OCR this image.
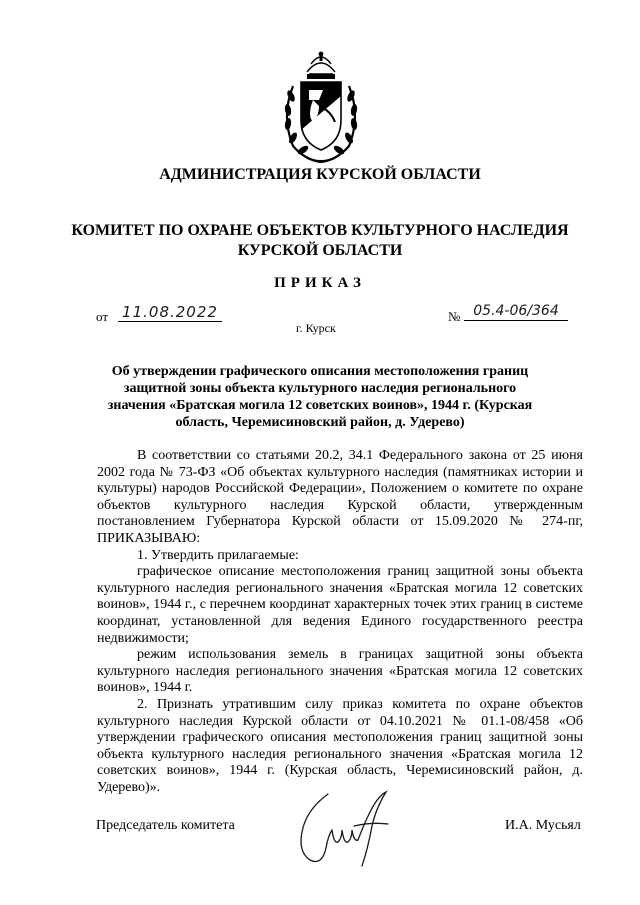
АДМИНИСТРАЦИЯ КУРСКОЙ ОБЛАСТИ
КОМИТЕТ ПО ОХРАНЕ ОБЪЕКТОВ КУЛЬТУРНОГО НАСЛЕДИЯ
КУРСКОЙ ОБЛАСТИ
ПРИКАЗ
от 11.08.2022	№ 05.4-06/364
г. Курск
Об утверждении графического описания местоположения границ защитной зоны объекта культурного наследия регионального значения «Братская могила 12 советских воинов», 1944 г. (Курская область, Черемисиновский район, д. Удерево)

В соответствии со статьями 20.2, 34.1 Федерального закона от 25 июня 2002 года № 73-ФЗ «Об объектах культурного наследия (памятниках истории и культуры) народов Российской Федерации», Положением о комитете по охране объектов культурного наследия Курской области, утвержденным постановлением Губернатора Курской области от 15.09.2020 № 274-пг, ПРИКАЗЫВАЮ:

1. Утвердить прилагаемые:

графическое описание местоположения границ защитной зоны объекта культурного наследия регионального значения «Братская могила 12 советских воинов», 1944 г., с перечнем координат характерных точек этих границ в системе координат, установленной для ведения Единого государственного реестра недвижимости;

режим использования земель в границах защитной зоны объекта культурного наследия регионального значения «Братская могила 12 советских воинов», 1944 г.

2. Признать утратившим силу приказ комитета по охране объектов культурного наследия Курской области от 04.10.2021 № 01.1-08/458 «Об утверждении графического описания местоположения границ защитной зоны объекта культурного наследия регионального значения «Братская могила 12 советских воинов», 1944 г. (Курская область, Черемисиновский район, д. Удерево)».

Председатель комитета	И.А. Мусьял
